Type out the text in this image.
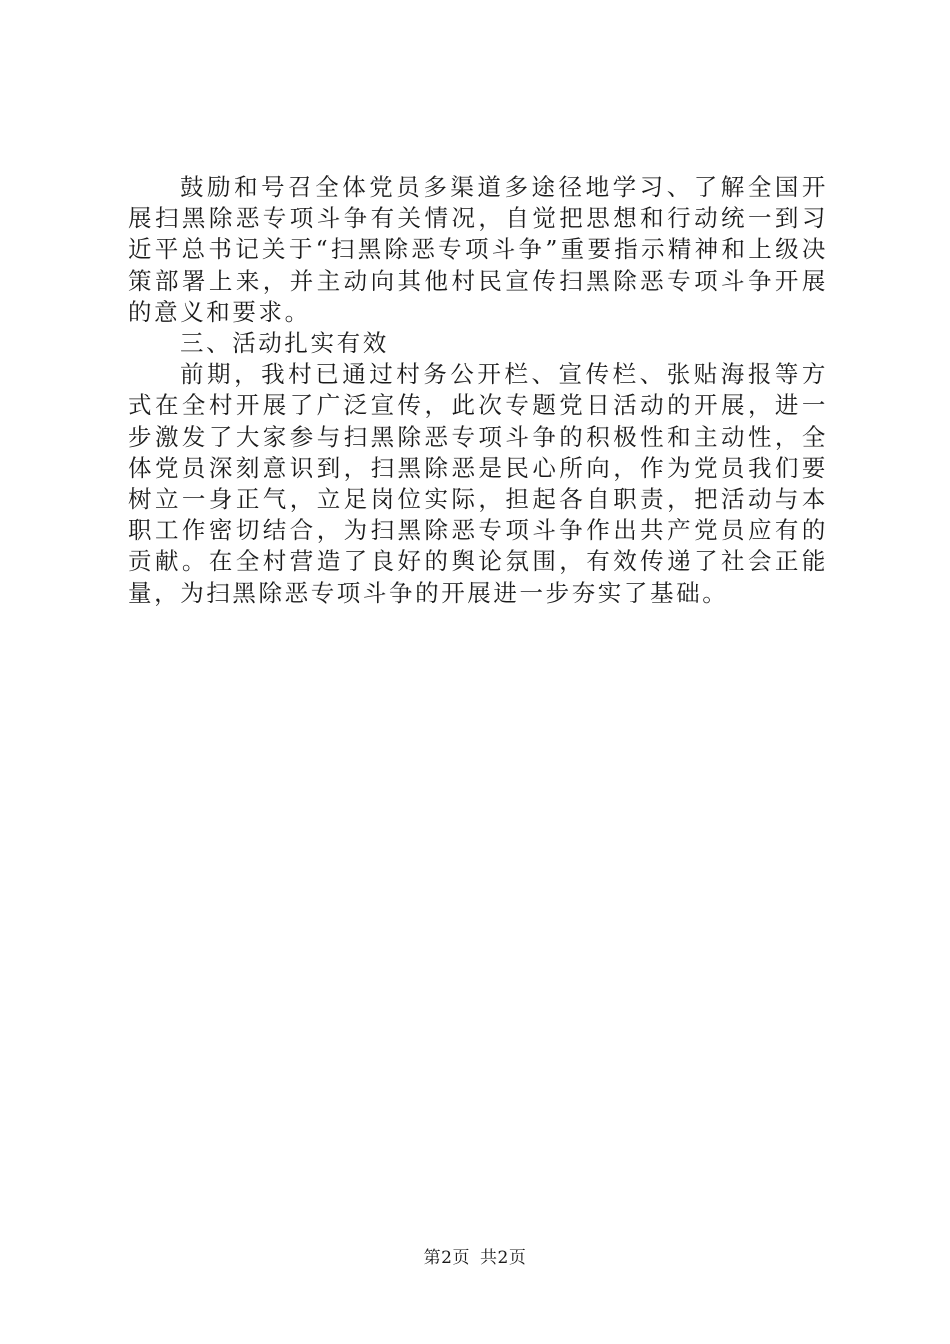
鼓励和号召全体党员多渠道多途径地学习、了解全国开展扫黑除恶专项斗争有关情况，自觉把思想和行动统一到习近平总书记关于“扫黑除恶专项斗争”重要指示精神和上级决策部署上来，并主动向其他村民宣传扫黑除恶专项斗争开展的意义和要求。

三、活动扎实有效

前期，我村已通过村务公开栏、宣传栏、张贴海报等方式在全村开展了广泛宣传，此次专题党日活动的开展，进一步激发了大家参与扫黑除恶专项斗争的积极性和主动性，全体党员深刻意识到，扫黑除恶是民心所向，作为党员我们要树立一身正气，立足岗位实际，担起各自职责，把活动与本职工作密切结合，为扫黑除恶专项斗争作出共产党员应有的贡献。在全村营造了良好的舆论氛围，有效传递了社会正能量，为扫黑除恶专项斗争的开展进一步夯实了基础。

第2页 共2页
